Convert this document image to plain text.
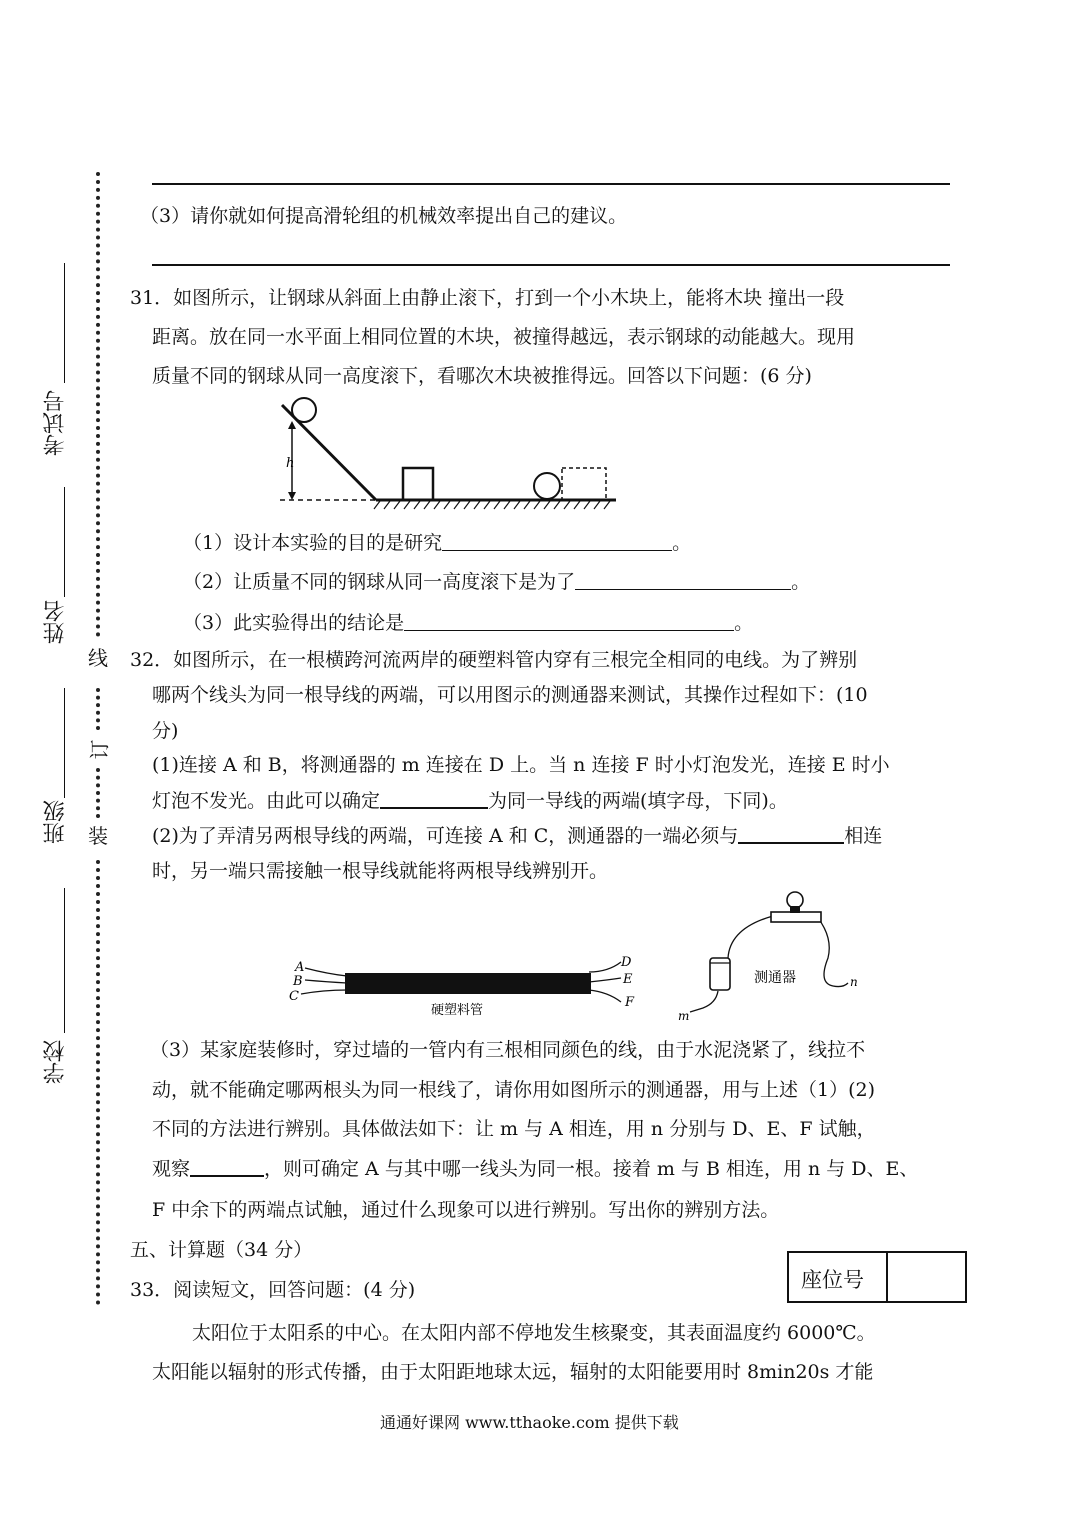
线
订
装
考试号
姓名
班级
学校
（3）请你就如何提高滑轮组的机械效率提出自己的建议。
31．如图所示，让钢球从斜面上由静止滚下，打到一个小木块上，能将木块 撞出一段
距离。放在同一水平面上相同位置的木块，被撞得越远，表示钢球的动能越大。现用
质量不同的钢球从同一高度滚下，看哪次木块被推得远。回答以下问题：(6 分)
h
（1）设计本实验的目的是研究	。
（2）让质量不同的钢球从同一高度滚下是为了	。
（3）此实验得出的结论是	。
32．如图所示，在一根横跨河流两岸的硬塑料管内穿有三根完全相同的电线。为了辨别
哪两个线头为同一根导线的两端，可以用图示的测通器来测试，其操作过程如下：(10
分)
(1)连接 A 和 B，将测通器的 m 连接在 D 上。当 n 连接 F 时小灯泡发光，连接 E 时小
灯泡不发光。由此可以确定	为同一导线的两端(填字母，下同)。
(2)为了弄清另两根导线的两端，可连接 A 和 C，测通器的一端必须与	相连
时，另一端只需接触一根导线就能将两根导线辨别开。
A
B
C
D
E
F
硬塑料管
测通器
m
n
（3）某家庭装修时，穿过墙的一管内有三根相同颜色的线，由于水泥浇紧了，线拉不
动，就不能确定哪两根头为同一根线了，请你用如图所示的测通器，用与上述（1）(2)
不同的方法进行辨别。具体做法如下：让 m 与 A 相连，用 n 分别与 D、E、F 试触，
观察	，则可确定 A 与其中哪一线头为同一根。接着 m 与 B 相连，用 n 与 D、E、
F 中余下的两端点试触，通过什么现象可以进行辨别。写出你的辨别方法。
五、计算题（34 分）
33．阅读短文，回答问题：(4 分)	座位号
太阳位于太阳系的中心。在太阳内部不停地发生核聚变，其表面温度约 6000℃。
太阳能以辐射的形式传播，由于太阳距地球太远，辐射的太阳能要用时 8min20s 才能
通通好课网 www.tthaoke.com 提供下载
